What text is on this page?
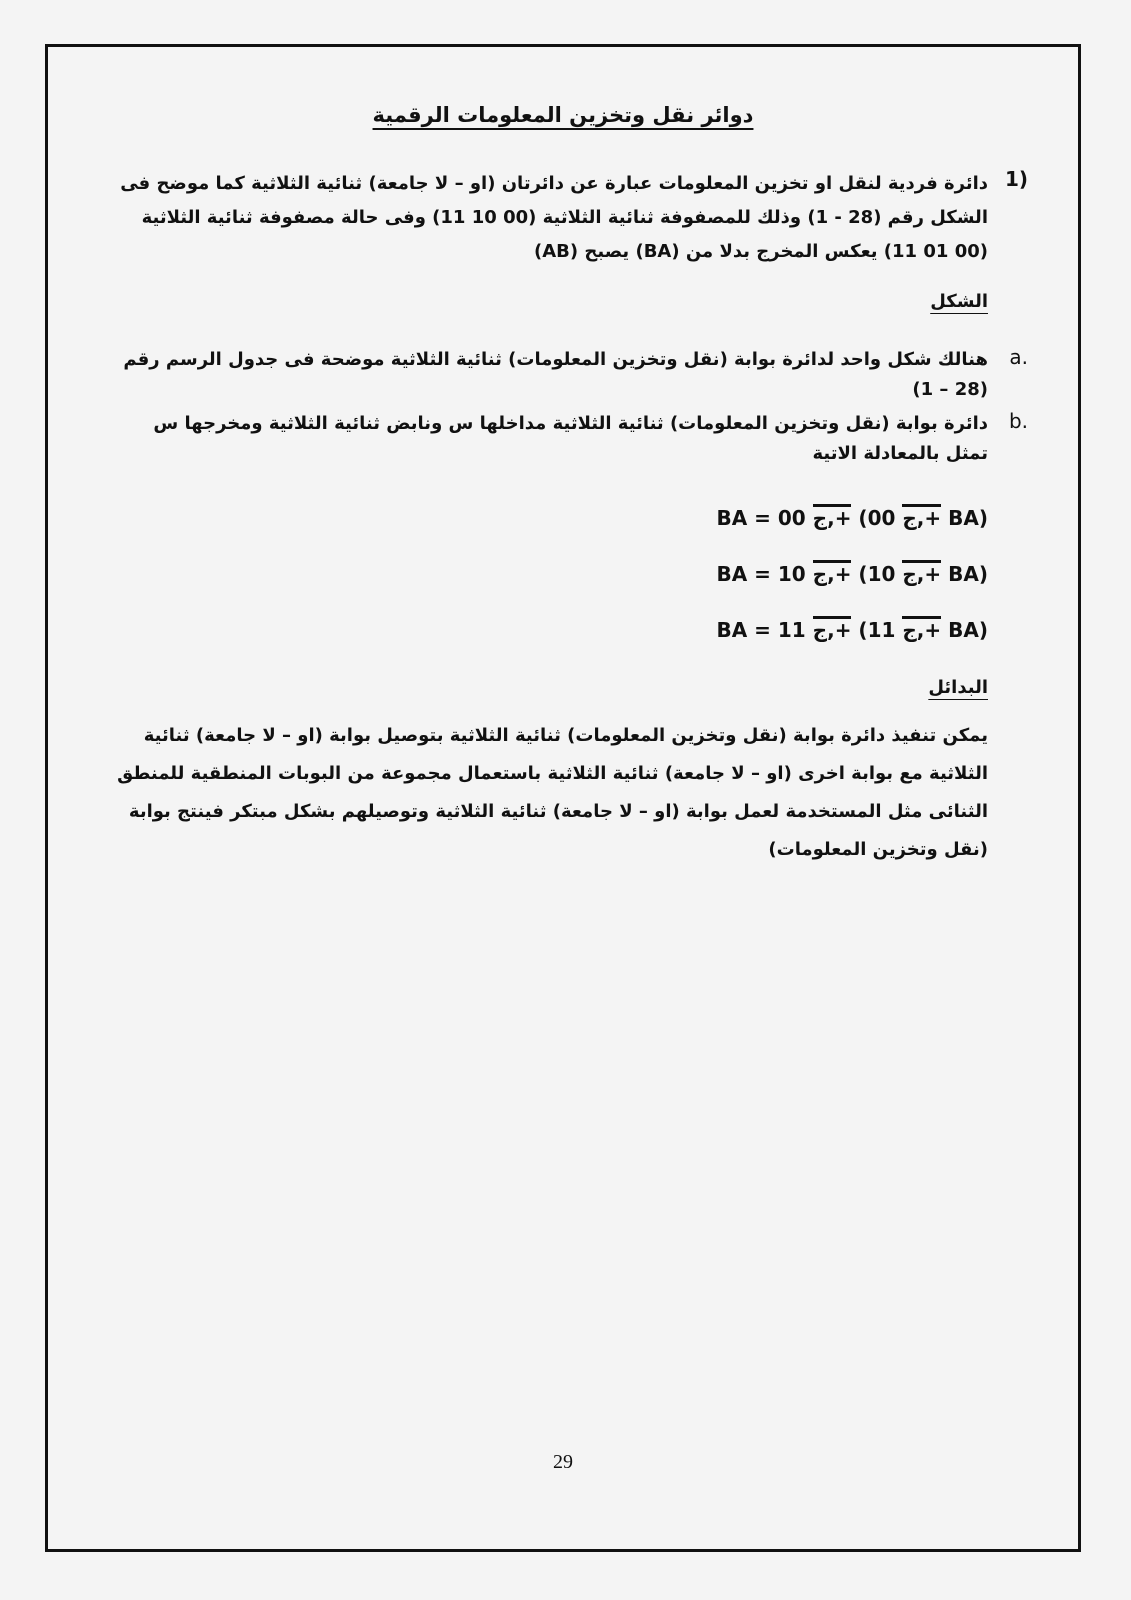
دوائر نقل وتخزين المعلومات الرقمية
1)
دائرة فردية لنقل او تخزين المعلومات عبارة عن دائرتان (او – لا جامعة) ثنائية الثلاثية كما موضح فى
الشكل رقم (28 - 1) وذلك للمصفوفة ثنائية الثلاثية (00 10 11) وفى حالة مصفوفة ثنائية الثلاثية
(00 01 11) يعكس المخرج بدلا من (BA) يصبح (AB)
الشكل
a.
هنالك شكل واحد لدائرة بوابة (نقل وتخزين المعلومات) ثنائية الثلاثية موضحة فى جدول الرسم رقم
(28 – 1)
b.
دائرة بوابة (نقل وتخزين المعلومات) ثنائية الثلاثية مداخلها س ونابض ثنائية الثلاثية ومخرجها س
تمثل بالمعادلة الاتية
BA = 00 ج,+ (00 ج,+ BA)
BA = 10 ج,+ (10 ج,+ BA)
BA = 11 ج,+ (11 ج,+ BA)
البدائل
يمكن تنفيذ دائرة بوابة (نقل وتخزين المعلومات) ثنائية الثلاثية بتوصيل بوابة (او – لا جامعة) ثنائية
الثلاثية مع بوابة اخرى (او – لا جامعة) ثنائية الثلاثية باستعمال مجموعة من البوبات المنطقية للمنطق
الثنائى مثل المستخدمة لعمل بوابة (او – لا جامعة) ثنائية الثلاثية وتوصيلهم بشكل مبتكر فينتج بوابة
(نقل وتخزين المعلومات)
29
